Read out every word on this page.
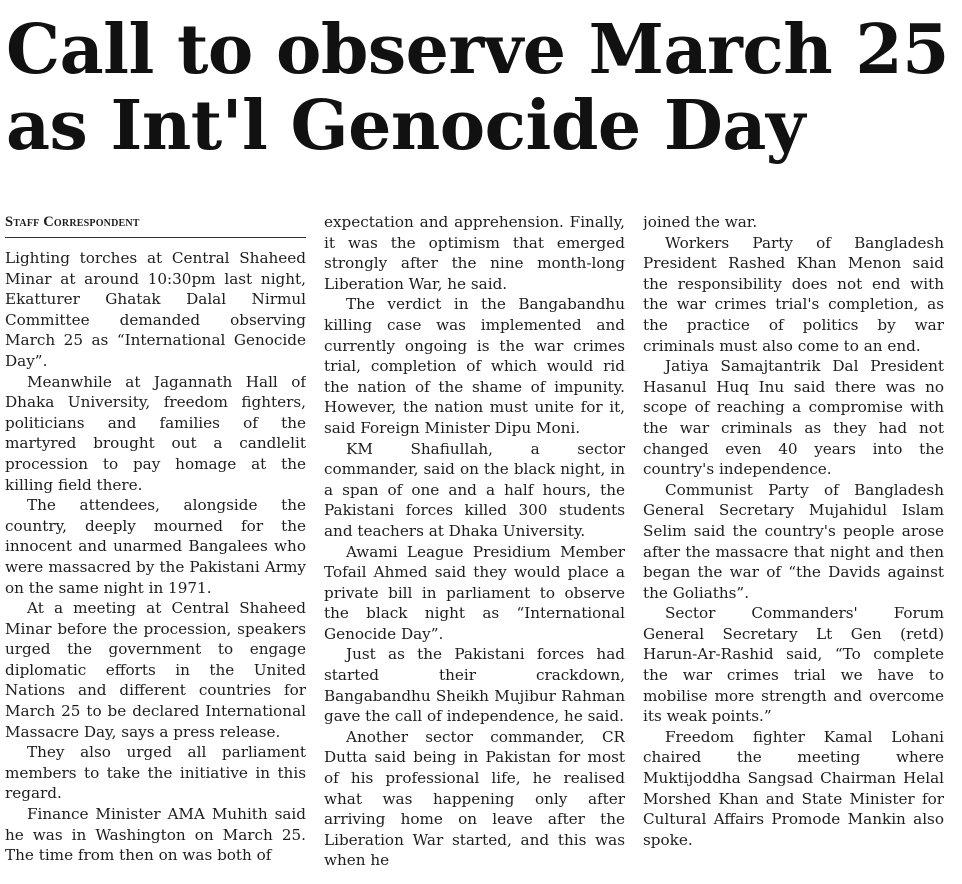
Call to observe March 25 as Int'l Genocide Day
Staff Correspondent

Lighting torches at Central Shaheed Minar at around 10:30pm last night, Ekatturer Ghatak Dalal Nirmul Committee demanded observing March 25 as “International Genocide Day”.

Meanwhile at Jagannath Hall of Dhaka University, freedom fighters, politicians and families of the martyred brought out a candlelit procession to pay homage at the killing field there.

The attendees, alongside the country, deeply mourned for the innocent and unarmed Bangalees who were massacred by the Pakistani Army on the same night in 1971.

At a meeting at Central Shaheed Minar before the procession, speakers urged the government to engage diplomatic efforts in the United Nations and different countries for March 25 to be declared International Massacre Day, says a press release.

They also urged all parliament members to take the initiative in this regard.

Finance Minister AMA Muhith said he was in Washington on March 25. The time from then on was both of

expectation and apprehension. Finally, it was the optimism that emerged strongly after the nine month-long Liberation War, he said.

The verdict in the Bangabandhu killing case was implemented and currently ongoing is the war crimes trial, completion of which would rid the nation of the shame of impunity. However, the nation must unite for it, said Foreign Minister Dipu Moni.

KM Shafiullah, a sector commander, said on the black night, in a span of one and a half hours, the Pakistani forces killed 300 students and teachers at Dhaka University.

Awami League Presidium Member Tofail Ahmed said they would place a private bill in parliament to observe the black night as “International Genocide Day”.

Just as the Pakistani forces had started their crackdown, Bangabandhu Sheikh Mujibur Rahman gave the call of independence, he said.

Another sector commander, CR Dutta said being in Pakistan for most of his professional life, he realised what was happening only after arriving home on leave after the Liberation War started, and this was when he

joined the war.

Workers Party of Bangladesh President Rashed Khan Menon said the responsibility does not end with the war crimes trial's completion, as the practice of politics by war criminals must also come to an end.

Jatiya Samajtantrik Dal President Hasanul Huq Inu said there was no scope of reaching a compromise with the war criminals as they had not changed even 40 years into the country's independence.

Communist Party of Bangladesh General Secretary Mujahidul Islam Selim said the country's people arose after the massacre that night and then began the war of “the Davids against the Goliaths”.

Sector Commanders' Forum General Secretary Lt Gen (retd) Harun-Ar-Rashid said, “To complete the war crimes trial we have to mobilise more strength and overcome its weak points.”

Freedom fighter Kamal Lohani chaired the meeting where Muktijoddha Sangsad Chairman Helal Morshed Khan and State Minister for Cultural Affairs Promode Mankin also spoke.
